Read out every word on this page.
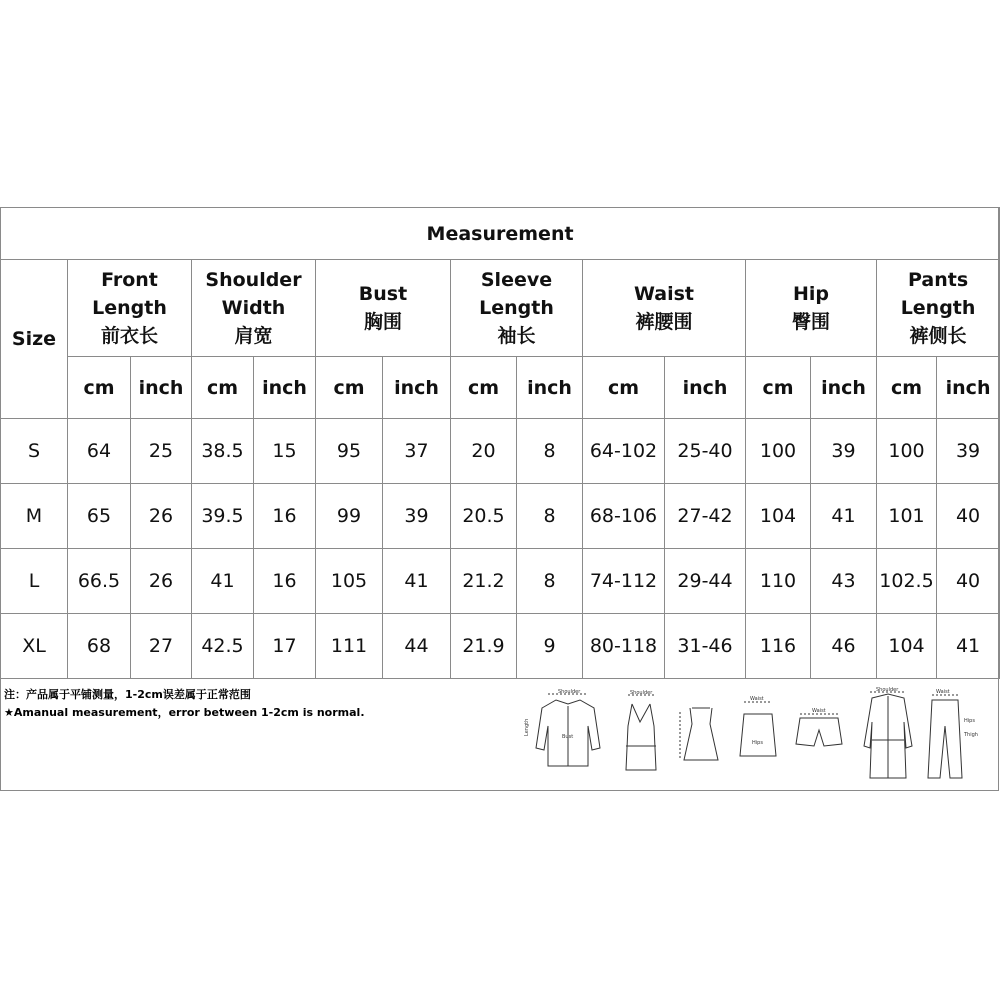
Measurement														
Size	Front
Length
前衣长		Shoulder
Width
肩宽		Bust
胸围		Sleeve
Length
袖长		Waist
裤腰围		Hip
臀围		Pants
Length
裤侧长	

	cm	inch	cm	inch	cm	inch	cm	inch	cm	inch	cm	inch	cm	inch
S	64	25	38.5	15	95	37	20	8	64-102	25-40	100	39	100	39
M	65	26	39.5	16	99	39	20.5	8	68-106	27-42	104	41	101	40
L	66.5	26	41	16	105	41	21.2	8	74-112	29-44	110	43	102.5	40
XL	68	27	42.5	17	111	44	21.9	9	80-118	31-46	116	46	104	41
注：产品属于平铺测量，1-2cm误差属于正常范围
★Amanual measurement，error between 1-2cm is normal.
Shoulder
Bust
Length
Shoulder
Waist
Hips
Waist
Shoulder	Waist
Hips
Thigh
